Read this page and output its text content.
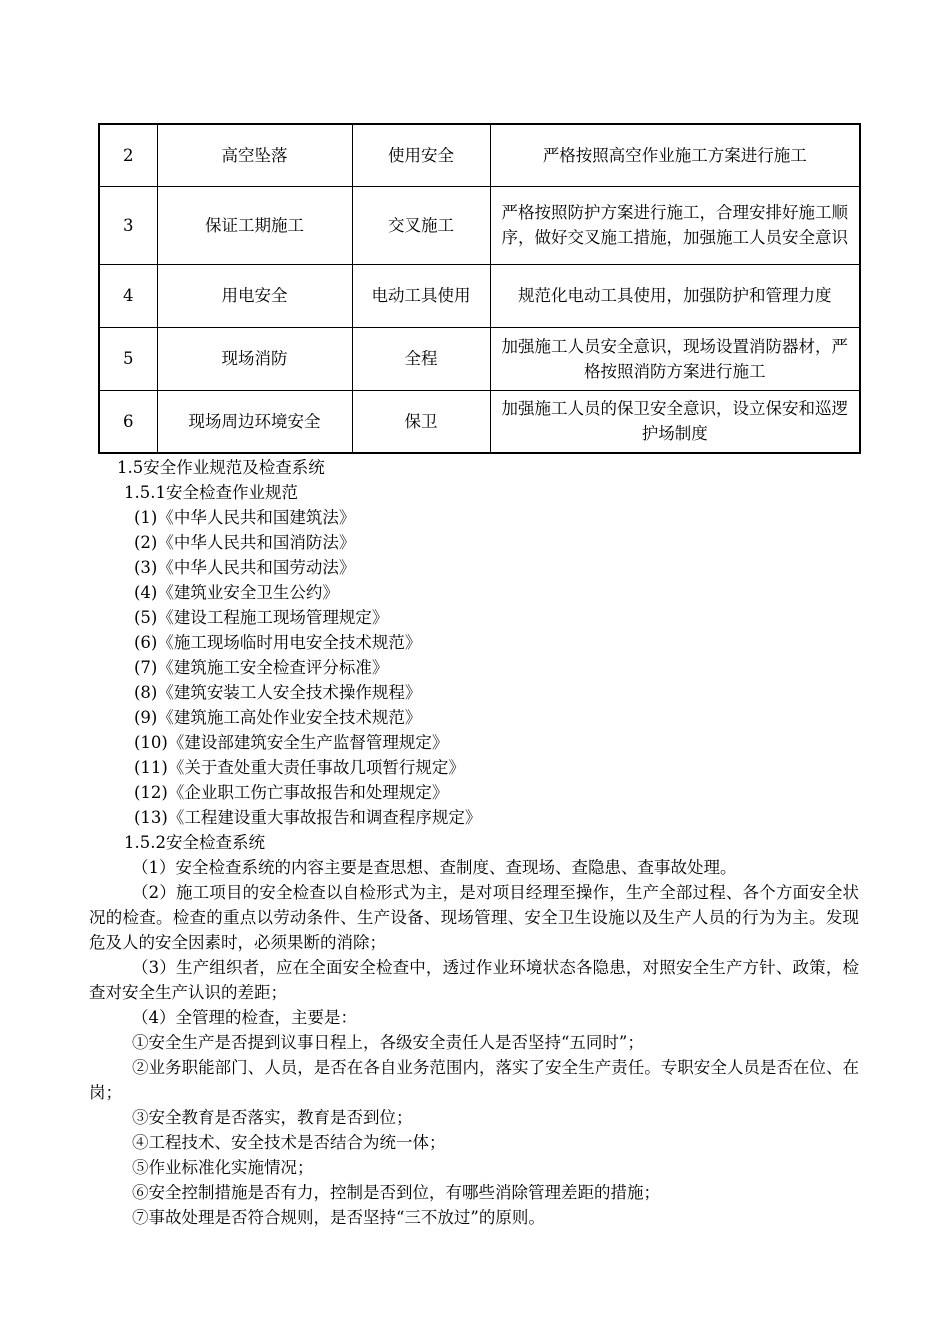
2	高空坠落	使用安全	严格按照高空作业施工方案进行施工
3	保证工期施工	交叉施工	严格按照防护方案进行施工，合理安排好施工顺序，做好交叉施工措施，加强施工人员安全意识
4	用电安全	电动工具使用	规范化电动工具使用，加强防护和管理力度
5	现场消防	全程	加强施工人员安全意识，现场设置消防器材，严格按照消防方案进行施工
6	现场周边环境安全	保卫	加强施工人员的保卫安全意识，设立保安和巡逻护场制度
1.5安全作业规范及检查系统
1.5.1安全检查作业规范
(1)《中华人民共和国建筑法》
(2)《中华人民共和国消防法》
(3)《中华人民共和国劳动法》
(4)《建筑业安全卫生公约》
(5)《建设工程施工现场管理规定》
(6)《施工现场临时用电安全技术规范》
(7)《建筑施工安全检查评分标准》
(8)《建筑安装工人安全技术操作规程》
(9)《建筑施工高处作业安全技术规范》
(10)《建设部建筑安全生产监督管理规定》
(11)《关于查处重大责任事故几项暂行规定》
(12)《企业职工伤亡事故报告和处理规定》
(13)《工程建设重大事故报告和调查程序规定》
1.5.2安全检查系统
（1）安全检查系统的内容主要是查思想、查制度、查现场、查隐患、查事故处理。
（2）施工项目的安全检查以自检形式为主，是对项目经理至操作，生产全部过程、各个方面安全状况的检查。检查的重点以劳动条件、生产设备、现场管理、安全卫生设施以及生产人员的行为为主。发现危及人的安全因素时，必须果断的消除；
（3）生产组织者，应在全面安全检查中，透过作业环境状态各隐患，对照安全生产方针、政策，检查对安全生产认识的差距；
（4）全管理的检查，主要是：
①安全生产是否提到议事日程上，各级安全责任人是否坚持“五同时”；
②业务职能部门、人员，是否在各自业务范围内，落实了安全生产责任。专职安全人员是否在位、在岗；
③安全教育是否落实，教育是否到位；
④工程技术、安全技术是否结合为统一体；
⑤作业标准化实施情况；
⑥安全控制措施是否有力，控制是否到位，有哪些消除管理差距的措施；
⑦事故处理是否符合规则，是否坚持“三不放过”的原则。
